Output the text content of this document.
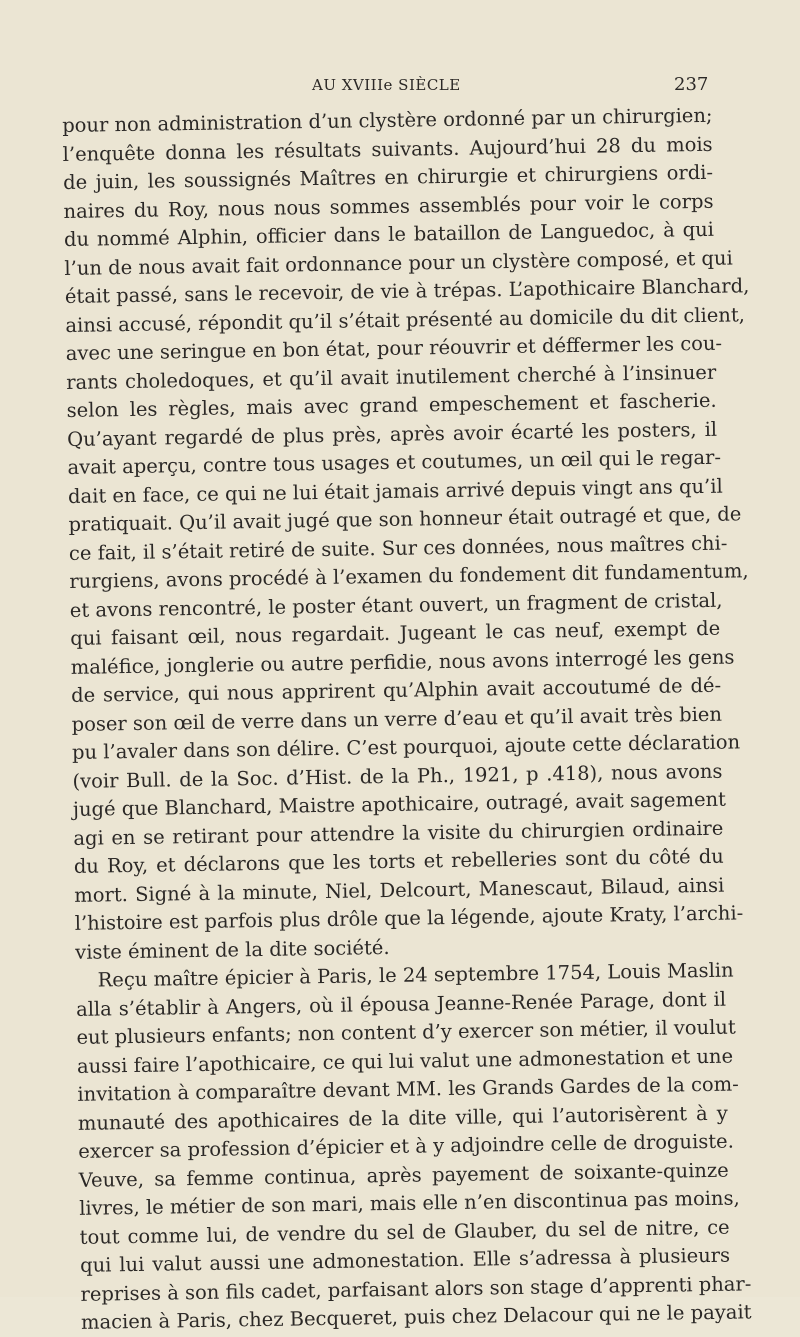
AU XVIIIe SIÈCLE	237
pour non administration d’un clystère ordonné par un chirurgien;
l’enquête donna les résultats suivants. Aujourd’hui 28 du mois
de juin, les soussignés Maîtres en chirurgie et chirurgiens ordi-
naires du Roy, nous nous sommes assemblés pour voir le corps
du nommé Alphin, officier dans le bataillon de Languedoc, à qui
l’un de nous avait fait ordonnance pour un clystère composé, et qui
était passé, sans le recevoir, de vie à trépas. L’apothicaire Blanchard,
ainsi accusé, répondit qu’il s’était présenté au domicile du dit client,
avec une seringue en bon état, pour réouvrir et déffermer les cou-
rants choledoques, et qu’il avait inutilement cherché à l’insinuer
selon les règles, mais avec grand empeschement et fascherie.
Qu’ayant regardé de plus près, après avoir écarté les posters, il
avait aperçu, contre tous usages et coutumes, un œil qui le regar-
dait en face, ce qui ne lui était jamais arrivé depuis vingt ans qu’il
pratiquait. Qu’il avait jugé que son honneur était outragé et que, de
ce fait, il s’était retiré de suite. Sur ces données, nous maîtres chi-
rurgiens, avons procédé à l’examen du fondement dit fundamentum,
et avons rencontré, le poster étant ouvert, un fragment de cristal,
qui faisant œil, nous regardait. Jugeant le cas neuf, exempt de
maléfice, jonglerie ou autre perfidie, nous avons interrogé les gens
de service, qui nous apprirent qu’Alphin avait accoutumé de dé-
poser son œil de verre dans un verre d’eau et qu’il avait très bien
pu l’avaler dans son délire. C’est pourquoi, ajoute cette déclaration
(voir Bull. de la Soc. d’Hist. de la Ph., 1921, p .418), nous avons
jugé que Blanchard, Maistre apothicaire, outragé, avait sagement
agi en se retirant pour attendre la visite du chirurgien ordinaire
du Roy, et déclarons que les torts et rebelleries sont du côté du
mort. Signé à la minute, Niel, Delcourt, Manescaut, Bilaud, ainsi
l’histoire est parfois plus drôle que la légende, ajoute Kraty, l’archi-
viste éminent de la dite société.
Reçu maître épicier à Paris, le 24 septembre 1754, Louis Maslin
alla s’établir à Angers, où il épousa Jeanne-Renée Parage, dont il
eut plusieurs enfants; non content d’y exercer son métier, il voulut
aussi faire l’apothicaire, ce qui lui valut une admonestation et une
invitation à comparaître devant MM. les Grands Gardes de la com-
munauté des apothicaires de la dite ville, qui l’autorisèrent à y
exercer sa profession d’épicier et à y adjoindre celle de droguiste.
Veuve, sa femme continua, après payement de soixante-quinze
livres, le métier de son mari, mais elle n’en discontinua pas moins,
tout comme lui, de vendre du sel de Glauber, du sel de nitre, ce
qui lui valut aussi une admonestation. Elle s’adressa à plusieurs
reprises à son fils cadet, parfaisant alors son stage d’apprenti phar-
macien à Paris, chez Becqueret, puis chez Delacour qui ne le payait
